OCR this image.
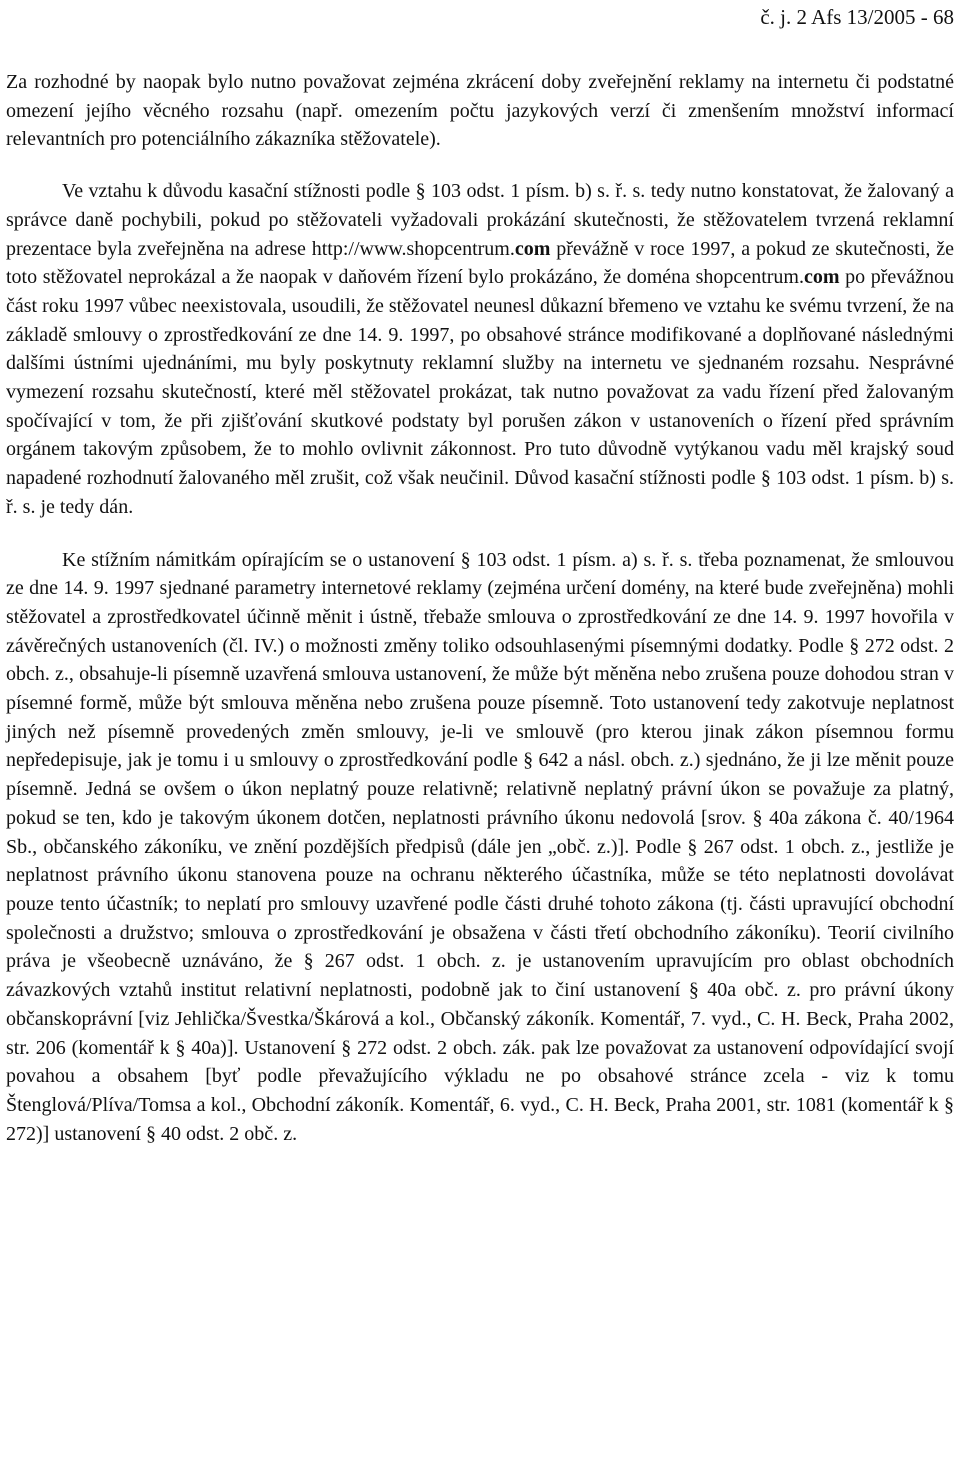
č. j. 2 Afs 13/2005 - 68

Za rozhodné by naopak bylo nutno považovat zejména zkrácení doby zveřejnění reklamy na internetu či podstatné omezení jejího věcného rozsahu (např. omezením počtu jazykových verzí či zmenšením množství informací relevantních pro potenciálního zákazníka stěžovatele).

Ve vztahu k důvodu kasační stížnosti podle § 103 odst. 1 písm. b) s. ř. s. tedy nutno konstatovat, že žalovaný a správce daně pochybili, pokud po stěžovateli vyžadovali prokázání skutečnosti, že stěžovatelem tvrzená reklamní prezentace byla zveřejněna na adrese http://www.shopcentrum.com převážně v roce 1997, a pokud ze skutečnosti, že toto stěžovatel neprokázal a že naopak v daňovém řízení bylo prokázáno, že doména shopcentrum.com po převážnou část roku 1997 vůbec neexistovala, usoudili, že stěžovatel neunesl důkazní břemeno ve vztahu ke svému tvrzení, že na základě smlouvy o zprostředkování ze dne 14. 9. 1997, po obsahové stránce modifikované a doplňované následnými dalšími ústními ujednáními, mu byly poskytnuty reklamní služby na internetu ve sjednaném rozsahu. Nesprávné vymezení rozsahu skutečností, které měl stěžovatel prokázat, tak nutno považovat za vadu řízení před žalovaným spočívající v tom, že při zjišťování skutkové podstaty byl porušen zákon v ustanoveních o řízení před správním orgánem takovým způsobem, že to mohlo ovlivnit zákonnost. Pro tuto důvodně vytýkanou vadu měl krajský soud napadené rozhodnutí žalovaného měl zrušit, což však neučinil. Důvod kasační stížnosti podle § 103 odst. 1 písm. b) s. ř. s. je tedy dán.

Ke stížním námitkám opírajícím se o ustanovení § 103 odst. 1 písm. a) s. ř. s. třeba poznamenat, že smlouvou ze dne 14. 9. 1997 sjednané parametry internetové reklamy (zejména určení domény, na které bude zveřejněna) mohli stěžovatel a zprostředkovatel účinně měnit i ústně, třebaže smlouva o zprostředkování ze dne 14. 9. 1997 hovořila v závěrečných ustanoveních (čl. IV.) o možnosti změny toliko odsouhlasenými písemnými dodatky. Podle § 272 odst. 2 obch. z., obsahuje-li písemně uzavřená smlouva ustanovení, že může být měněna nebo zrušena pouze dohodou stran v písemné formě, může být smlouva měněna nebo zrušena pouze písemně. Toto ustanovení tedy zakotvuje neplatnost jiných než písemně provedených změn smlouvy, je-li ve smlouvě (pro kterou jinak zákon písemnou formu nepředepisuje, jak je tomu i u smlouvy o zprostředkování podle § 642 a násl. obch. z.) sjednáno, že ji lze měnit pouze písemně. Jedná se ovšem o úkon neplatný pouze relativně; relativně neplatný právní úkon se považuje za platný, pokud se ten, kdo je takovým úkonem dotčen, neplatnosti právního úkonu nedovolá [srov. § 40a zákona č. 40/1964 Sb., občanského zákoníku, ve znění pozdějších předpisů (dále jen „obč. z.)]. Podle § 267 odst. 1 obch. z., jestliže je neplatnost právního úkonu stanovena pouze na ochranu některého účastníka, může se této neplatnosti dovolávat pouze tento účastník; to neplatí pro smlouvy uzavřené podle části druhé tohoto zákona (tj. části upravující obchodní společnosti a družstvo; smlouva o zprostředkování je obsažena v části třetí obchodního zákoníku). Teorií civilního práva je všeobecně uznáváno, že § 267 odst. 1 obch. z. je ustanovením upravujícím pro oblast obchodních závazkových vztahů institut relativní neplatnosti, podobně jak to činí ustanovení § 40a obč. z. pro právní úkony občanskoprávní [viz Jehlička/Švestka/Škárová a kol., Občanský zákoník. Komentář, 7. vyd., C. H. Beck, Praha 2002, str. 206 (komentář k § 40a)]. Ustanovení § 272 odst. 2 obch. zák. pak lze považovat za ustanovení odpovídající svojí povahou a obsahem [byť podle převažujícího výkladu ne po obsahové stránce zcela - viz k tomu Štenglová/Plíva/Tomsa a kol., Obchodní zákoník. Komentář, 6. vyd., C. H. Beck, Praha 2001, str. 1081 (komentář k § 272)] ustanovení § 40 odst. 2 obč. z.
